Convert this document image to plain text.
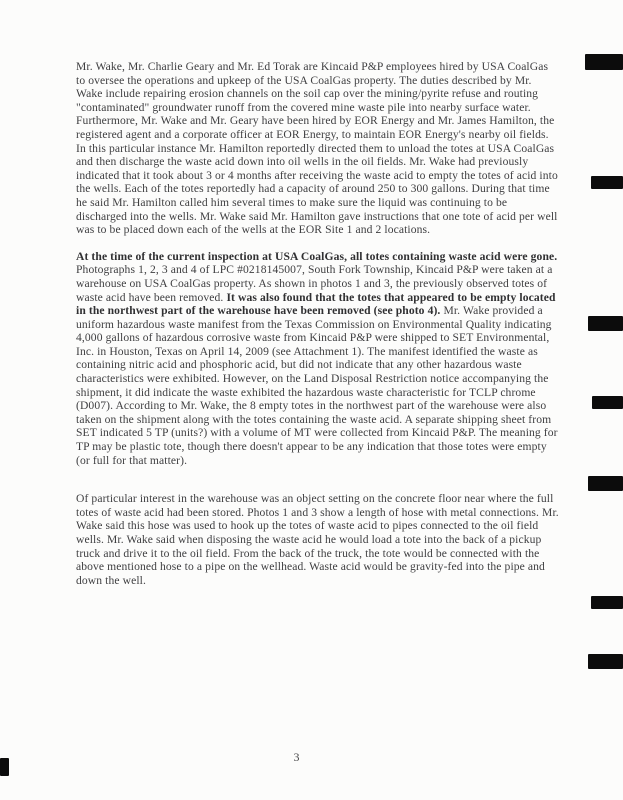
Mr. Wake, Mr. Charlie Geary and Mr. Ed Torak are Kincaid P&P employees hired by USA CoalGas to oversee the operations and upkeep of the USA CoalGas property. The duties described by Mr. Wake include repairing erosion channels on the soil cap over the mining/pyrite refuse and routing "contaminated" groundwater runoff from the covered mine waste pile into nearby surface water. Furthermore, Mr. Wake and Mr. Geary have been hired by EOR Energy and Mr. James Hamilton, the registered agent and a corporate officer at EOR Energy, to maintain EOR Energy's nearby oil fields. In this particular instance Mr. Hamilton reportedly directed them to unload the totes at USA CoalGas and then discharge the waste acid down into oil wells in the oil fields. Mr. Wake had previously indicated that it took about 3 or 4 months after receiving the waste acid to empty the totes of acid into the wells. Each of the totes reportedly had a capacity of around 250 to 300 gallons. During that time he said Mr. Hamilton called him several times to make sure the liquid was continuing to be discharged into the wells. Mr. Wake said Mr. Hamilton gave instructions that one tote of acid per well was to be placed down each of the wells at the EOR Site 1 and 2 locations.

At the time of the current inspection at USA CoalGas, all totes containing waste acid were gone. Photographs 1, 2, 3 and 4 of LPC #0218145007, South Fork Township, Kincaid P&P were taken at a warehouse on USA CoalGas property. As shown in photos 1 and 3, the previously observed totes of waste acid have been removed. It was also found that the totes that appeared to be empty located in the northwest part of the warehouse have been removed (see photo 4). Mr. Wake provided a uniform hazardous waste manifest from the Texas Commission on Environmental Quality indicating 4,000 gallons of hazardous corrosive waste from Kincaid P&P were shipped to SET Environmental, Inc. in Houston, Texas on April 14, 2009 (see Attachment 1). The manifest identified the waste as containing nitric acid and phosphoric acid, but did not indicate that any other hazardous waste characteristics were exhibited. However, on the Land Disposal Restriction notice accompanying the shipment, it did indicate the waste exhibited the hazardous waste characteristic for TCLP chrome (D007). According to Mr. Wake, the 8 empty totes in the northwest part of the warehouse were also taken on the shipment along with the totes containing the waste acid. A separate shipping sheet from SET indicated 5 TP (units?) with a volume of MT were collected from Kincaid P&P. The meaning for TP may be plastic tote, though there doesn't appear to be any indication that those totes were empty (or full for that matter).

Of particular interest in the warehouse was an object setting on the concrete floor near where the full totes of waste acid had been stored. Photos 1 and 3 show a length of hose with metal connections. Mr. Wake said this hose was used to hook up the totes of waste acid to pipes connected to the oil field wells. Mr. Wake said when disposing the waste acid he would load a tote into the back of a pickup truck and drive it to the oil field. From the back of the truck, the tote would be connected with the above mentioned hose to a pipe on the wellhead. Waste acid would be gravity-fed into the pipe and down the well.

3
